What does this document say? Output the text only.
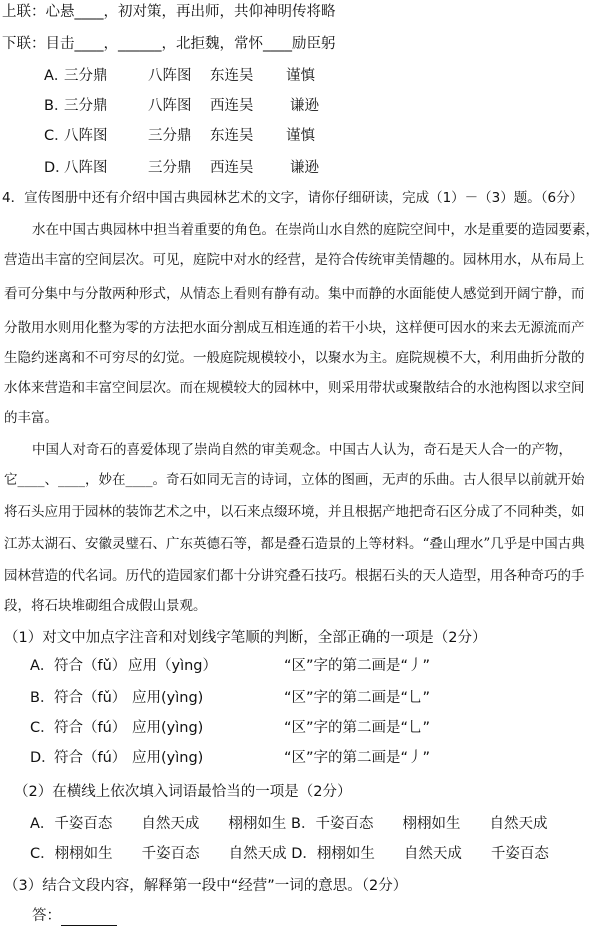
上联：心悬____，初对策，再出师，共仰神明传将略
下联：目击____，______，北拒魏，常怀____励臣躬
A．三分鼎	八阵图 东连吴 谨慎
B．三分鼎	八阵图 西连吴	谦逊
C．八阵图	三分鼎 东连吴 谨慎
D．八阵图	三分鼎 西连吴	谦逊
4．宣传图册中还有介绍中国古典园林艺术的文字，请你仔细研读，完成（1）－（3）题。（6分）
水在中国古典园林中担当着重要的角色。在崇尚山水自然的庭院空间中，水是重要的造园要素，
营造出丰富的空间层次。可见，庭院中对水的经营，是符合传统审美情趣的。园林用水，从布局上
看可分集中与分散两种形式，从情态上看则有静有动。集中而静的水面能使人感觉到开阔宁静，而
分散用水则用化整为零的方法把水面分割成互相连通的若干小块，这样便可因水的来去无源流而产
生隐约迷离和不可穷尽的幻觉。一般庭院规模较小，以聚水为主。庭院规模不大，利用曲折分散的
水体来营造和丰富空间层次。而在规模较大的园林中，则采用带状或聚散结合的水池构图以求空间
的丰富。
中国人对奇石的喜爱体现了崇尚自然的审美观念。中国古人认为，奇石是天人合一的产物，
它____、____，妙在____。奇石如同无言的诗词，立体的图画，无声的乐曲。古人很早以前就开始
将石头应用于园林的装饰艺术之中，以石来点缀环境，并且根据产地把奇石区分成了不同种类，如
江苏太湖石、安徽灵璧石、广东英德石等，都是叠石造景的上等材料。“叠山理水”几乎是中国古典
园林营造的代名词。历代的造园家们都十分讲究叠石技巧。根据石头的天人造型，用各种奇巧的手
段，将石块堆砌组合成假山景观。
（1）对文中加点字注音和对划线字笔顺的判断，全部正确的一项是（2分）
A．符合（fǔ） 应用（yìng）	“区”字的第二画是“丿”
B．符合（fǔ） 应用(yìng)	“区”字的第二画是“乚”
C．符合（fú） 应用(yìng)	“区”字的第二画是“乚”
D．符合（fú） 应用(yìng)	“区”字的第二画是“丿”
（2）在横线上依次填入词语最恰当的一项是（2分）
A．千姿百态　　自然天成　　栩栩如生 B．千姿百态　　栩栩如生　　自然天成
C．栩栩如生　　千姿百态　　自然天成 D．栩栩如生　　自然天成　　千姿百态
（3）结合文段内容，解释第一段中“经营”一词的意思。（2分）
答：
